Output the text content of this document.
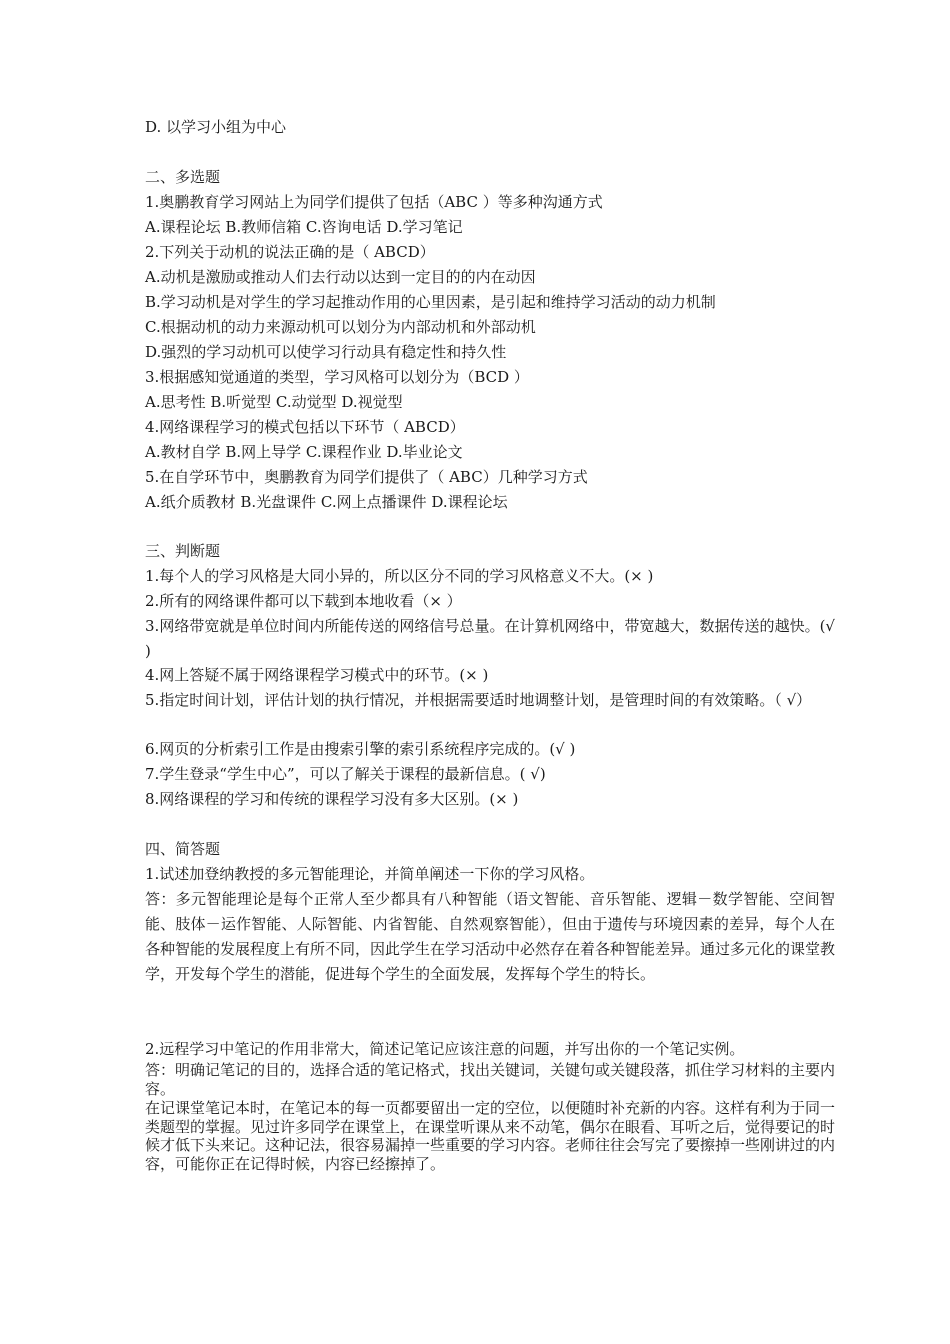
D. 以学习小组为中心
二、多选题
1.奥鹏教育学习网站上为同学们提供了包括（ABC ）等多种沟通方式
A.课程论坛 B.教师信箱 C.咨询电话 D.学习笔记
2.下列关于动机的说法正确的是（ ABCD）
A.动机是激励或推动人们去行动以达到一定目的的内在动因
B.学习动机是对学生的学习起推动作用的心里因素，是引起和维持学习活动的动力机制
C.根据动机的动力来源动机可以划分为内部动机和外部动机
D.强烈的学习动机可以使学习行动具有稳定性和持久性
3.根据感知觉通道的类型，学习风格可以划分为（BCD ）
A.思考性 B.听觉型 C.动觉型 D.视觉型
4.网络课程学习的模式包括以下环节（ ABCD）
A.教材自学 B.网上导学 C.课程作业 D.毕业论文
5.在自学环节中，奥鹏教育为同学们提供了（ ABC）几种学习方式
A.纸介质教材 B.光盘课件 C.网上点播课件 D.课程论坛
三、判断题
1.每个人的学习风格是大同小异的，所以区分不同的学习风格意义不大。(× )
2.所有的网络课件都可以下载到本地收看（× ）
3.网络带宽就是单位时间内所能传送的网络信号总量。在计算机网络中，带宽越大，数据传送的越快。(√ )
4.网上答疑不属于网络课程学习模式中的环节。(× )
5.指定时间计划，评估计划的执行情况，并根据需要适时地调整计划，是管理时间的有效策略。（ √）
6.网页的分析索引工作是由搜索引擎的索引系统程序完成的。(√ )
7.学生登录“学生中心”，可以了解关于课程的最新信息。( √)
8.网络课程的学习和传统的课程学习没有多大区别。(× )
四、简答题
1.试述加登纳教授的多元智能理论，并简单阐述一下你的学习风格。
答：多元智能理论是每个正常人至少都具有八种智能（语文智能、音乐智能、逻辑－数学智能、空间智能、肢体－运作智能、人际智能、内省智能、自然观察智能），但由于遗传与环境因素的差异，每个人在各种智能的发展程度上有所不同，因此学生在学习活动中必然存在着各种智能差异。通过多元化的课堂教学，开发每个学生的潜能，促进每个学生的全面发展，发挥每个学生的特长。
2.远程学习中笔记的作用非常大，简述记笔记应该注意的问题，并写出你的一个笔记实例。
答：明确记笔记的目的，选择合适的笔记格式，找出关键词，关键句或关键段落，抓住学习材料的主要内容。
在记课堂笔记本时，在笔记本的每一页都要留出一定的空位，以便随时补充新的内容。这样有利为于同一类题型的掌握。见过许多同学在课堂上，在课堂听课从来不动笔，偶尔在眼看、耳听之后，觉得要记的时候才低下头来记。这种记法，很容易漏掉一些重要的学习内容。老师往往会写完了要擦掉一些刚讲过的内容，可能你正在记得时候，内容已经擦掉了。
